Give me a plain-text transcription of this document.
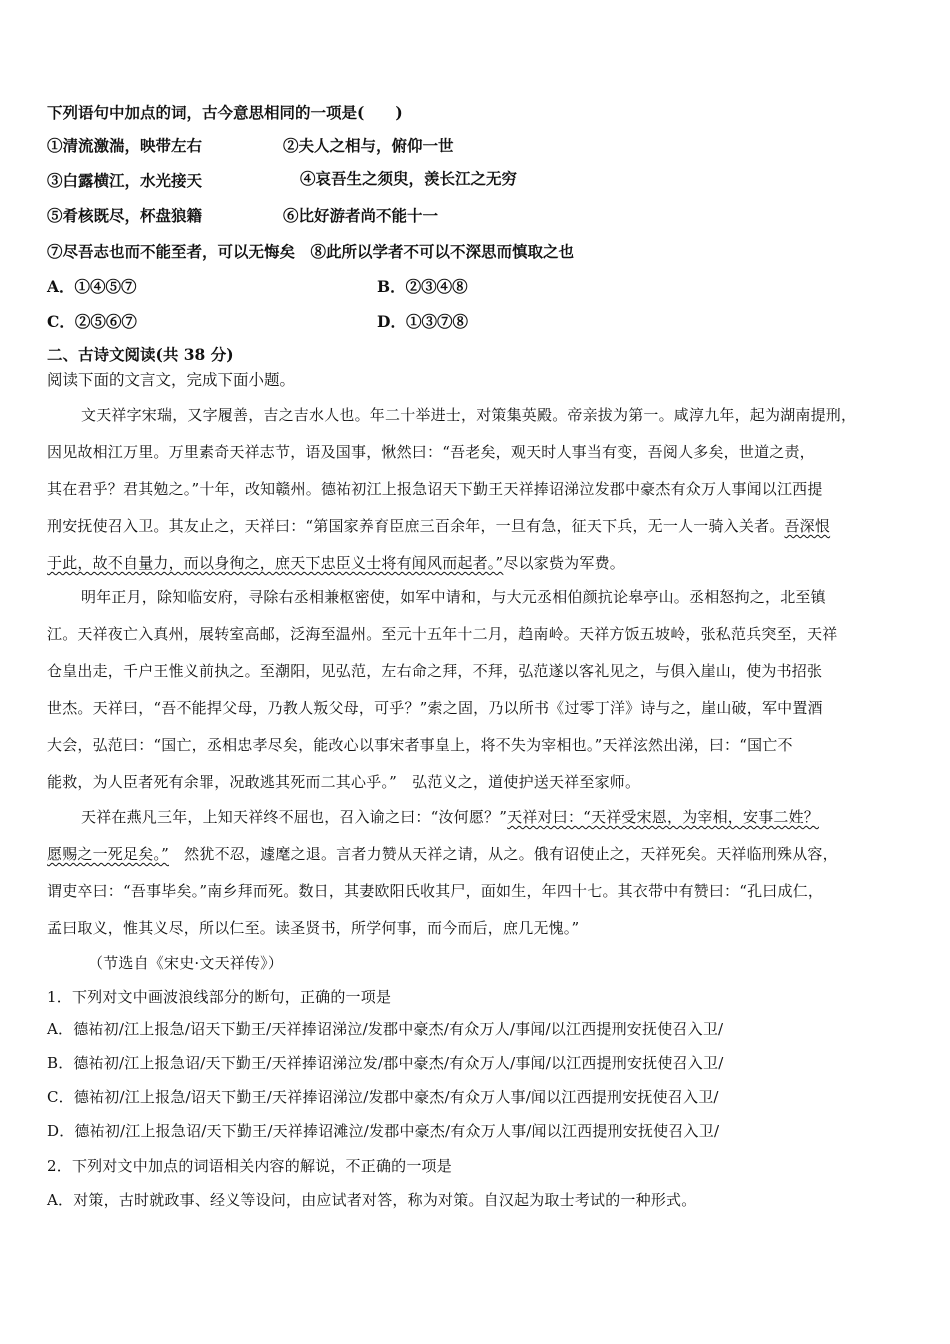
下列语句中加点的词，古今意思相同的一项是(　　)
①清流激湍，映带左右	②夫人之相与，俯仰一世
③白露横江，水光接天	④哀吾生之须臾，羡长江之无穷
⑤肴核既尽，杯盘狼籍	⑥比好游者尚不能十一
⑦尽吾志也而不能至者，可以无悔矣　 ⑧此所以学者不可以不深思而慎取之也
A．①④⑤⑦	B．②③④⑧
C．②⑤⑥⑦	D．①③⑦⑧
二、古诗文阅读(共 38 分)
阅读下面的文言文，完成下面小题。
文天祥字宋瑞，又字履善，吉之吉水人也。年二十举进士，对策集英殿。帝亲拔为第一。咸淳九年，起为湖南提刑，
因见故相江万里。万里素奇天祥志节，语及国事，愀然曰：“吾老矣，观天时人事当有变，吾阅人多矣，世道之责，
其在君乎？君其勉之。”十年，改知赣州。德祐初江上报急诏天下勤王天祥捧诏涕泣发郡中豪杰有众万人事闻以江西提
刑安抚使召入卫。其友止之，天祥曰：“第国家养育臣庶三百余年，一旦有急，征天下兵，无一人一骑入关者。吾深恨
于此，故不自量力，而以身徇之，庶天下忠臣义士将有闻风而起者。”尽以家赀为军费。
明年正月，除知临安府，寻除右丞相兼枢密使，如军中请和，与大元丞相伯颜抗论皋亭山。丞相怒拘之，北至镇
江。天祥夜亡入真州，展转室高邮，泛海至温州。至元十五年十二月，趋南岭。天祥方饭五坡岭，张私范兵突至，天祥
仓皇出走，千户王惟义前执之。至潮阳，见弘范，左右命之拜，不拜，弘范遂以客礼见之，与俱入崖山，使为书招张
世杰。天祥曰，“吾不能捍父母，乃教人叛父母，可乎？”索之固，乃以所书《过零丁洋》诗与之，崖山破，军中置酒
大会，弘范曰：“国亡，丞相忠孝尽矣，能改心以事宋者事皇上，将不失为宰相也。”天祥泫然出涕，曰：“国亡不
能救，为人臣者死有余罪，况敢逃其死而二其心乎。”　弘范义之，道使护送天祥至家师。
天祥在燕凡三年，上知天祥终不屈也，召入谕之曰：“汝何愿？”天祥对曰：“天祥受宋恩，为宰相，安事二姓？
愿赐之一死足矣。”　然犹不忍，遽麾之退。言者力赞从天祥之请，从之。俄有诏使止之，天祥死矣。天祥临刑殊从容，
谓吏卒曰：“吾事毕矣。”南乡拜而死。数日，其妻欧阳氏收其尸，面如生，年四十七。其衣带中有赞曰：“孔曰成仁，
孟曰取义，惟其义尽，所以仁至。读圣贤书，所学何事，而今而后，庶几无愧。”
（节选自《宋史·文天祥传》）
1．下列对文中画波浪线部分的断句，正确的一项是
A．德祐初/江上报急/诏天下勤王/天祥捧诏涕泣/发郡中豪杰/有众万人/事闻/以江西提刑安抚使召入卫/
B．德祐初/江上报急诏/天下勤王/天祥捧诏涕泣发/郡中豪杰/有众万人/事闻/以江西提刑安抚使召入卫/
C．德祐初/江上报急/诏天下勤王/天祥捧诏涕泣/发郡中豪杰/有众万人事/闻以江西提刑安抚使召入卫/
D．德祐初/江上报急诏/天下勤王/天祥捧诏滩泣/发郡中豪杰/有众万人事/闻以江西提刑安抚使召入卫/
2．下列对文中加点的词语相关内容的解说，不正确的一项是
A．对策，古时就政事、经义等设问，由应试者对答，称为对策。自汉起为取士考试的一种形式。
